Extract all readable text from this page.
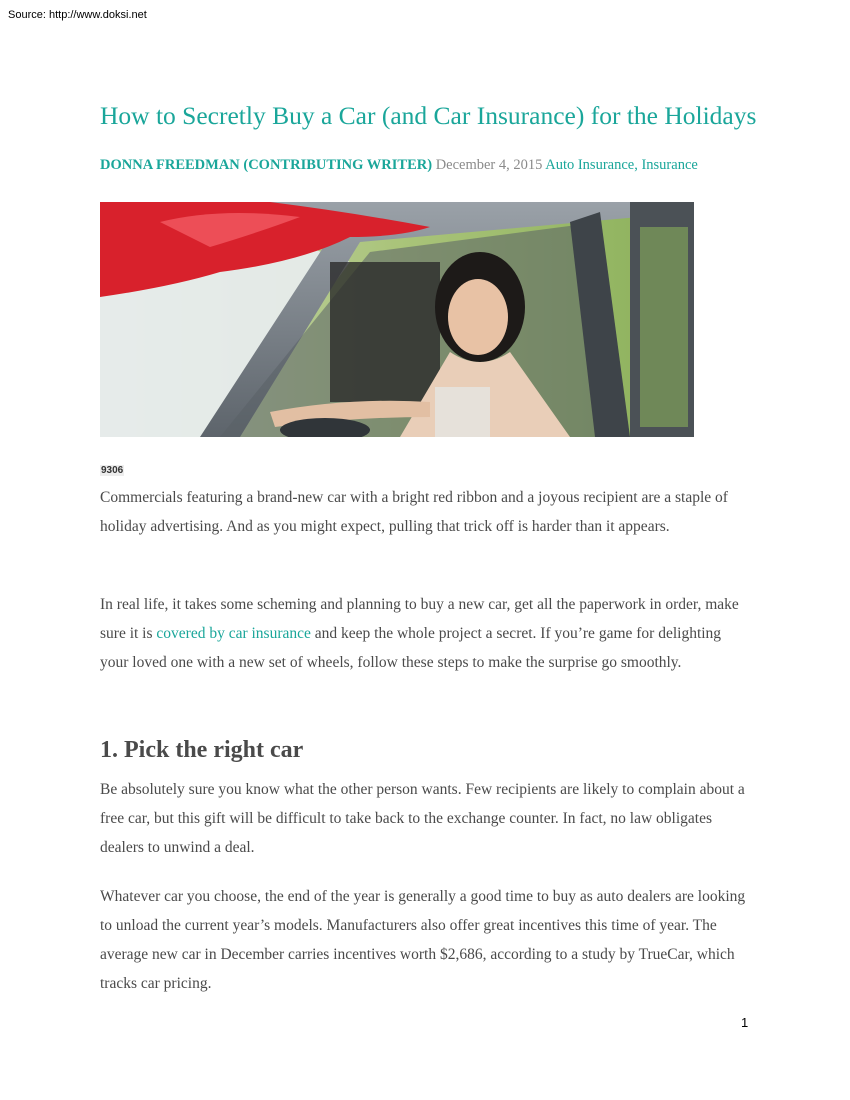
Source: http://www.doksi.net
How to Secretly Buy a Car (and Car Insurance) for the Holidays
DONNA FREEDMAN (CONTRIBUTING WRITER) December 4, 2015 Auto Insurance, Insurance
9306

Commercials featuring a brand-new car with a bright red ribbon and a joyous recipient are a staple of holiday advertising. And as you might expect, pulling that trick off is harder than it appears.

In real life, it takes some scheming and planning to buy a new car, get all the paperwork in order, make sure it is covered by car insurance and keep the whole project a secret. If you’re game for delighting your loved one with a new set of wheels, follow these steps to make the surprise go smoothly.

1. Pick the right car

Be absolutely sure you know what the other person wants. Few recipients are likely to complain about a free car, but this gift will be difficult to take back to the exchange counter. In fact, no law obligates dealers to unwind a deal.

Whatever car you choose, the end of the year is generally a good time to buy as auto dealers are looking to unload the current year’s models. Manufacturers also offer great incentives this time of year. The average new car in December carries incentives worth $2,686, according to a study by TrueCar, which tracks car pricing.

1
